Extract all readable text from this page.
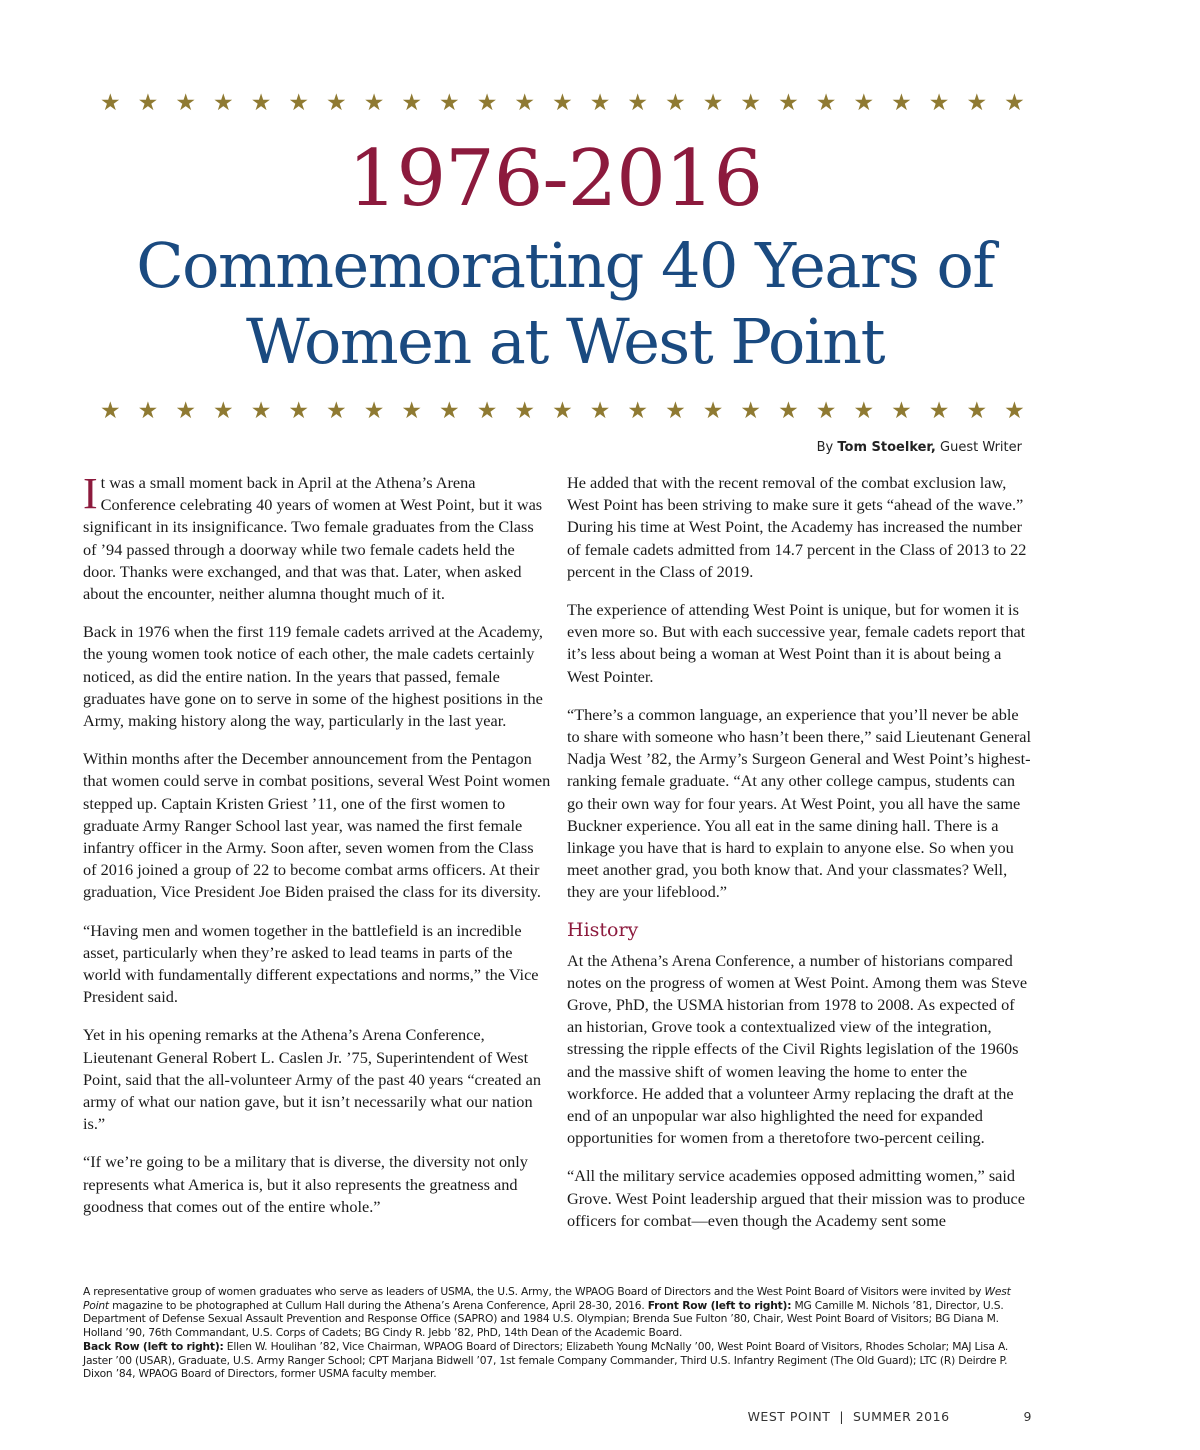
★ ★ ★ ★ ★ ★ ★ ★ ★ ★ ★ ★ ★ ★ ★ ★ ★ ★ ★ ★ ★ ★ ★ ★ ★
1976-2016
Commemorating 40 Years of
Women at West Point
★ ★ ★ ★ ★ ★ ★ ★ ★ ★ ★ ★ ★ ★ ★ ★ ★ ★ ★ ★ ★ ★ ★ ★ ★
By Tom Stoelker, Guest Writer

It was a small moment back in April at the Athena’s Arena Conference celebrating 40 years of women at West Point, but it was significant in its insignificance. Two female graduates from the Class of ’94 passed through a doorway while two female cadets held the door. Thanks were exchanged, and that was that. Later, when asked about the encounter, neither alumna thought much of it.

Back in 1976 when the first 119 female cadets arrived at the Academy, the young women took notice of each other, the male cadets certainly noticed, as did the entire nation. In the years that passed, female graduates have gone on to serve in some of the highest positions in the Army, making history along the way, particularly in the last year.

Within months after the December announcement from the Pentagon that women could serve in combat positions, several West Point women stepped up. Captain Kristen Griest ’11, one of the first women to graduate Army Ranger School last year, was named the first female infantry officer in the Army. Soon after, seven women from the Class of 2016 joined a group of 22 to become combat arms officers. At their graduation, Vice President Joe Biden praised the class for its diversity.

“Having men and women together in the battlefield is an incredible asset, particularly when they’re asked to lead teams in parts of the world with fundamentally different expectations and norms,” the Vice President said.

Yet in his opening remarks at the Athena’s Arena Conference, Lieutenant General Robert L. Caslen Jr. ’75, Superintendent of West Point, said that the all-volunteer Army of the past 40 years “created an army of what our nation gave, but it isn’t necessarily what our nation is.”

“If we’re going to be a military that is diverse, the diversity not only represents what America is, but it also represents the greatness and goodness that comes out of the entire whole.”

He added that with the recent removal of the combat exclusion law, West Point has been striving to make sure it gets “ahead of the wave.” During his time at West Point, the Academy has increased the number of female cadets admitted from 14.7 percent in the Class of 2013 to 22 percent in the Class of 2019.

The experience of attending West Point is unique, but for women it is even more so. But with each successive year, female cadets report that it’s less about being a woman at West Point than it is about being a West Pointer.

“There’s a common language, an experience that you’ll never be able to share with someone who hasn’t been there,” said Lieutenant General Nadja West ’82, the Army’s Surgeon General and West Point’s highest-ranking female graduate. “At any other college campus, students can go their own way for four years. At West Point, you all have the same Buckner experience. You all eat in the same dining hall. There is a linkage you have that is hard to explain to anyone else. So when you meet another grad, you both know that. And your classmates? Well, they are your lifeblood.”

History

At the Athena’s Arena Conference, a number of historians compared notes on the progress of women at West Point. Among them was Steve Grove, PhD, the USMA historian from 1978 to 2008. As expected of an historian, Grove took a contextualized view of the integration, stressing the ripple effects of the Civil Rights legislation of the 1960s and the massive shift of women leaving the home to enter the workforce. He added that a volunteer Army replacing the draft at the end of an unpopular war also highlighted the need for expanded opportunities for women from a theretofore two-percent ceiling.

“All the military service academies opposed admitting women,” said Grove. West Point leadership argued that their mission was to produce officers for combat—even though the Academy sent some

A representative group of women graduates who serve as leaders of USMA, the U.S. Army, the WPAOG Board of Directors and the West Point Board of Visitors were invited by West Point magazine to be photographed at Cullum Hall during the Athena’s Arena Conference, April 28-30, 2016. Front Row (left to right): MG Camille M. Nichols ’81, Director, U.S. Department of Defense Sexual Assault Prevention and Response Office (SAPRO) and 1984 U.S. Olympian; Brenda Sue Fulton ’80, Chair, West Point Board of Visitors; BG Diana M. Holland ’90, 76th Commandant, U.S. Corps of Cadets; BG Cindy R. Jebb ’82, PhD, 14th Dean of the Academic Board.

Back Row (left to right): Ellen W. Houlihan ’82, Vice Chairman, WPAOG Board of Directors; Elizabeth Young McNally ’00, West Point Board of Visitors, Rhodes Scholar; MAJ Lisa A. Jaster ’00 (USAR), Graduate, U.S. Army Ranger School; CPT Marjana Bidwell ’07, 1st female Company Commander, Third U.S. Infantry Regiment (The Old Guard); LTC (R) Deirdre P. Dixon ’84, WPAOG Board of Directors, former USMA faculty member.

WEST POINT  |  SUMMER 2016	9
